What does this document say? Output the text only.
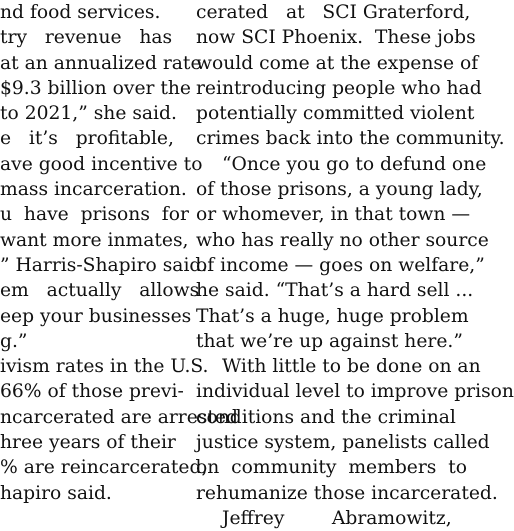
nd food services.
try   revenue   has
at an annualized rate
$9.3 billion over the
to 2021,” she said.
e   it’s   profitable,
ave good incentive to
mass incarceration.
u  have  prisons  for
want more inmates,
” Harris-Shapiro said.
em   actually   allows
eep your businesses
g.”
ivism rates in the U.S.
66% of those previ-
ncarcerated are arrested
hree years of their
% are reincarcerated,
hapiro said.
cerated   at   SCI Graterford,
now SCI Phoenix.  These jobs
would come at the expense of
reintroducing people who had
potentially committed violent
crimes back into the community.
“Once you go to defund one
of those prisons, a young lady,
or whomever, in that town —
who has really no other source
of income — goes on welfare,”
he said. “That’s a hard sell ...
That’s a huge, huge problem
that we’re up against here.”
With little to be done on an
individual level to improve prison
conditions and the criminal
justice system, panelists called
on  community  members  to
rehumanize those incarcerated.
Jeffrey        Abramowitz,
